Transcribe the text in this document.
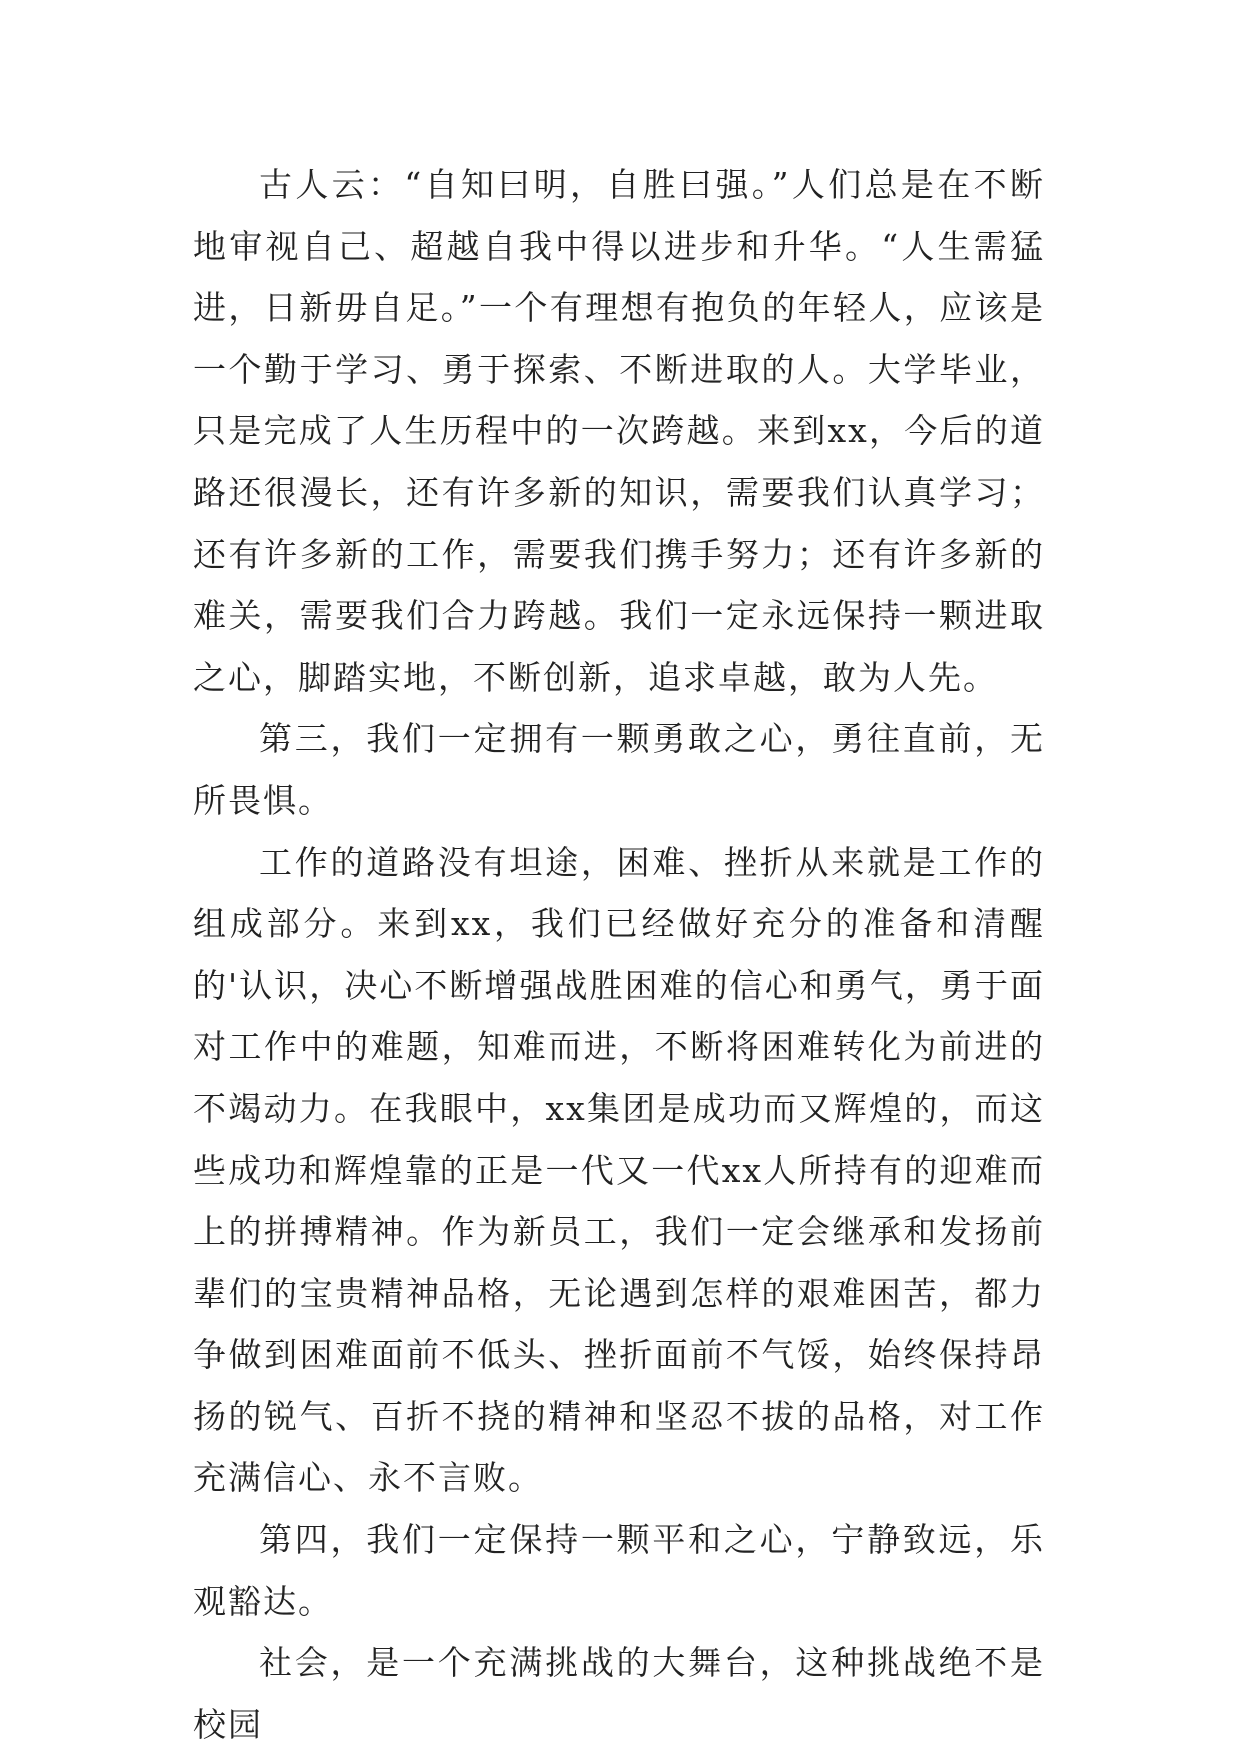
古人云：“自知曰明，自胜曰强。”人们总是在不断地审视自己、超越自我中得以进步和升华。“人生需猛进，日新毋自足。”一个有理想有抱负的年轻人，应该是一个勤于学习、勇于探索、不断进取的人。大学毕业，只是完成了人生历程中的一次跨越。来到xx，今后的道路还很漫长，还有许多新的知识，需要我们认真学习；还有许多新的工作，需要我们携手努力；还有许多新的难关，需要我们合力跨越。我们一定永远保持一颗进取之心，脚踏实地，不断创新，追求卓越，敢为人先。

第三，我们一定拥有一颗勇敢之心，勇往直前，无所畏惧。

工作的道路没有坦途，困难、挫折从来就是工作的组成部分。来到xx，我们已经做好充分的准备和清醒的'认识，决心不断增强战胜困难的信心和勇气，勇于面对工作中的难题，知难而进，不断将困难转化为前进的不竭动力。在我眼中，xx集团是成功而又辉煌的，而这些成功和辉煌靠的正是一代又一代xx人所持有的迎难而上的拼搏精神。作为新员工，我们一定会继承和发扬前辈们的宝贵精神品格，无论遇到怎样的艰难困苦，都力争做到困难面前不低头、挫折面前不气馁，始终保持昂扬的锐气、百折不挠的精神和坚忍不拔的品格，对工作充满信心、永不言败。

第四，我们一定保持一颗平和之心，宁静致远，乐观豁达。

社会，是一个充满挑战的大舞台，这种挑战绝不是校园
